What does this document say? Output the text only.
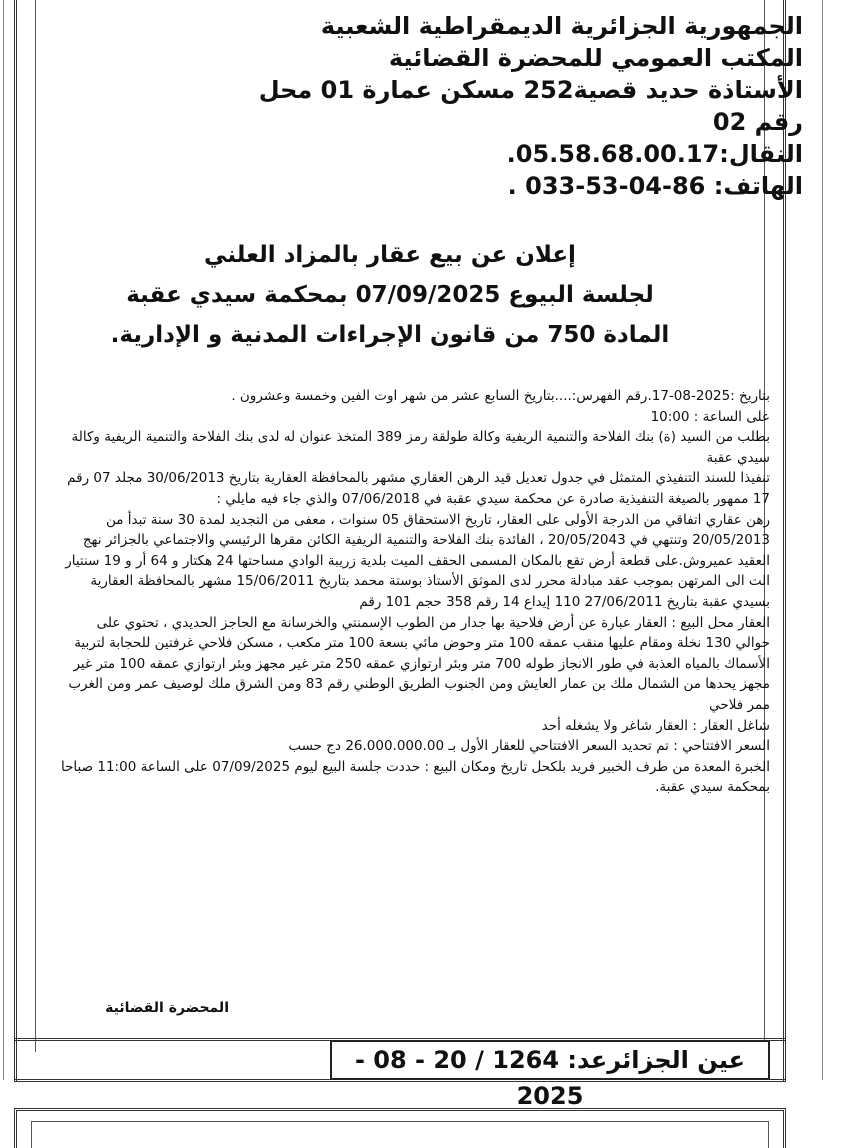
الجمهورية الجزائرية الديمقراطية الشعبية
المكتب العمومي للمحضرة القضائية
الأستاذة حديد قصية252 مسكن عمارة 01 محل رقم 02
النقال:05.58.68.00.17.
الهاتف: 86-04-53-033 .
إعلان عن بيع عقار بالمزاد العلني
لجلسة البيوع 07/09/2025 بمحكمة سيدي عقبة
المادة 750 من قانون الإجراءات المدنية و الإدارية.

بتاريخ :2025-08-17.رقم الفهرس:....بتاريخ السابع عشر من شهر اوت الفين وخمسة وعشرون .

على الساعة : 10:00

بطلب من السيد (ة) بنك الفلاحة والتنمية الريفية وكالة طولقة رمز 389 المتخذ عنوان له لدى بنك الفلاحة والتنمية الريفية وكالة سيدي عقبة

تنفيذا للسند التنفيذي المتمثل في جدول تعديل قيد الرهن العقاري مشهر بالمحافظة العقارية بتاريخ 30/06/2013 مجلد 07 رقم 17 ممهور بالصيغة التنفيذية صادرة عن محكمة سيدي عقبة في 07/06/2018 والذي جاء فيه مايلي :

رهن عقاري اتفاقي من الدرجة الأولى على العقار، تاريخ الاستحقاق 05 سنوات ، معفى من التجديد لمدة 30 سنة تبدأ من 20/05/2013 وتنتهي في 20/05/2043 ، الفائدة بنك الفلاحة والتنمية الريفية الكائن مقرها الرئيسي والاجتماعي بالجزائر نهج العقيد عميروش.على قطعة أرض تقع بالمكان المسمى الحقف الميت بلدية زريبة الوادي مساحتها 24 هكتار و 64 أر و 19 سنتيار الت الى المرتهن بموجب عقد مبادلة محرر لدى الموثق الأستاذ بوستة محمد بتاريخ 15/06/2011 مشهر بالمحافظة العقارية بسيدي عقبة بتاريخ 27/06/2011 110 إيداع 14 رقم 358 حجم 101 رقم

العقار محل البيع : العقار عبارة عن أرض فلاحية بها جدار من الطوب الإسمنتي والخرسانة مع الحاجز الحديدي ، تحتوي على حوالي 130 نخلة ومقام عليها منقب عمقه 100 متر وحوض مائي بسعة 100 متر مكعب ، مسكن فلاحي غرفتين للحجابة لتربية الأسماك بالمياه العذبة في طور الانجاز طوله 700 متر وبئر ارتوازي عمقه 250 متر غير مجهز وبئر ارتوازي عمقه 100 متر غير مجهز يحدها من الشمال ملك بن عمار العايش ومن الجنوب الطريق الوطني رقم 83 ومن الشرق ملك لوصيف عمر ومن الغرب ممر فلاحي

شاغل العقار : العقار شاغر ولا يشغله أحد

السعر الافتتاحي : تم تحديد السعر الافتتاحي للعقار الأول بـ 26.000.000.00 دج حسب

الخبرة المعدة من طرف الخبير فريد بلكحل تاريخ ومكان البيع : حددت جلسة البيع ليوم 07/09/2025 على الساعة 11:00 صباحا بمحكمة سيدي عقبة.

المحضرة القضائية
عين الجزائرعد: 1264 / 20 - 08 - 2025
